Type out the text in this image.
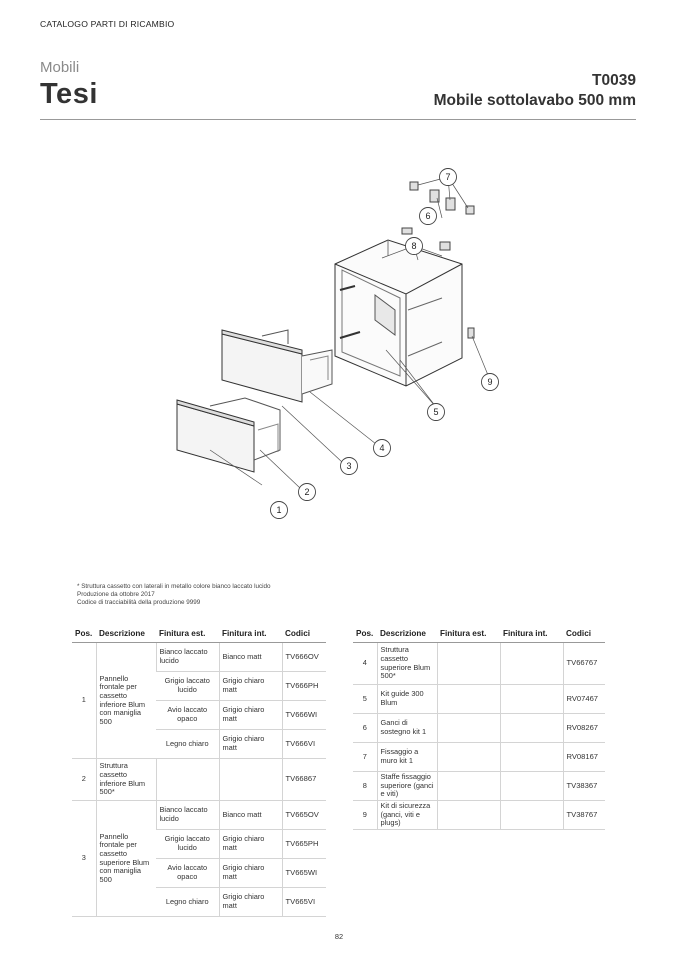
CATALOGO PARTI DI RICAMBIO
Mobili
Tesi	T0039
Mobile sottolavabo 500 mm
1
2
3
4
5
6
7
8
9
* Struttura cassetto con laterali in metallo colore bianco laccato lucido
Produzione da ottobre 2017
Codice di tracciabilità della produzione 9999
Pos.	Descrizione	Finitura est.	Finitura int.	Codici
1	Pannello frontale per cassetto inferiore Blum con maniglia 500	Bianco laccato lucido	Bianco matt	TV666OV
		Grigio laccato lucido	Grigio chiaro matt	TV666PH
		Avio laccato opaco	Grigio chiaro matt	TV666WI
		Legno chiaro	Grigio chiaro matt	TV666VI
2	Struttura cassetto inferiore Blum 500*			TV66867
3	Pannello frontale per cassetto superiore Blum con maniglia 500	Bianco laccato lucido	Bianco matt	TV665OV
		Grigio laccato lucido	Grigio chiaro matt	TV665PH
		Avio laccato opaco	Grigio chiaro matt	TV665WI
		Legno chiaro	Grigio chiaro matt	TV665VI
Pos.	Descrizione	Finitura est.	Finitura int.	Codici
4	Struttura cassetto superiore Blum 500*			TV66767
5	Kit guide 300 Blum			RV07467
6	Ganci di sostegno kit 1			RV08267
7	Fissaggio a muro kit 1			RV08167
8	Staffe fissaggio superiore (ganci e viti)			TV38367
9	Kit di sicurezza (ganci, viti e plugs)			TV38767
82
